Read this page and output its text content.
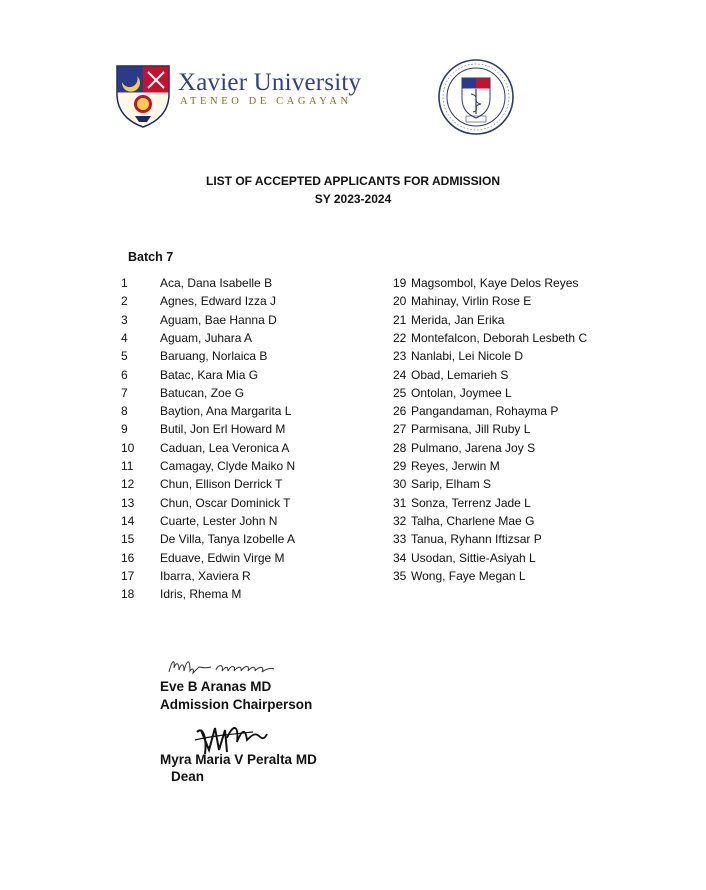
Xavier University
ATENEO DE CAGAYAN
LIST OF ACCEPTED APPLICANTS FOR ADMISSION
SY 2023-2024
Batch 7
1	Aca, Dana Isabelle B
2	Agnes, Edward Izza J
3	Aguam, Bae Hanna D
4	Aguam, Juhara A
5	Baruang, Norlaica B
6	Batac, Kara Mia G
7	Batucan, Zoe G
8	Baytion, Ana Margarita L
9	Butil, Jon Erl Howard M
10 Caduan, Lea Veronica A
11 Camagay, Clyde Maiko N
12 Chun, Ellison Derrick T
13 Chun, Oscar Dominick T
14 Cuarte, Lester John N
15 De Villa, Tanya Izobelle A
16 Eduave, Edwin Virge M
17 Ibarra, Xaviera R
18 Idris, Rhema M
19 Magsombol, Kaye Delos Reyes
20 Mahinay, Virlin Rose E
21 Merida, Jan Erika
22 Montefalcon, Deborah Lesbeth C
23 Nanlabi, Lei Nicole D
24 Obad, Lemarieh S
25 Ontolan, Joymee L
26 Pangandaman, Rohayma P
27 Parmisana, Jill Ruby L
28 Pulmano, Jarena Joy S
29 Reyes, Jerwin M
30 Sarip, Elham S
31 Sonza, Terrenz Jade L
32 Talha, Charlene Mae G
33 Tanua, Ryhann Iftizsar P
34 Usodan, Sittie-Asiyah L
35 Wong, Faye Megan L
Eve B Aranas MD
Admission Chairperson
Myra Maria V Peralta MD
Dean
